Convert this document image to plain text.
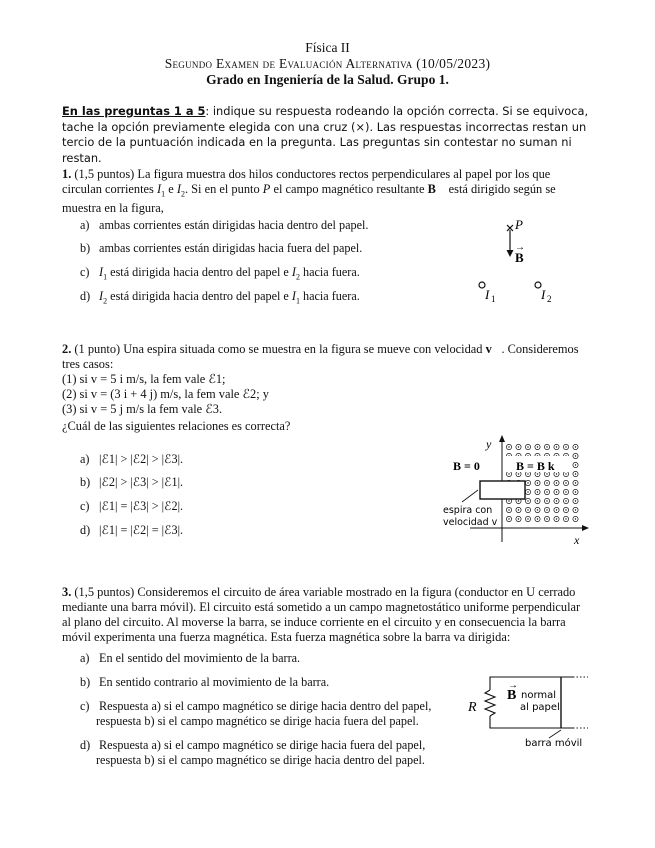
Física II
Segundo Examen de Evaluación Alternativa (10/05/2023)
Grado en Ingeniería de la Salud. Grupo 1.
En las preguntas 1 a 5: indique su respuesta rodeando la opción correcta. Si se equivoca, tache la opción previamente elegida con una cruz (×). Las respuestas incorrectas restan un tercio de la puntuación indicada en la pregunta. Las preguntas sin contestar no suman ni restan.
1. (1,5 puntos) La figura muestra dos hilos conductores rectos perpendiculares al papel por los que
circulan corrientes $I_1$ e $I_2$. Si en el punto P el campo magnético resultante B⃗ está dirigido según se
muestra en la figura,
a) ambas corrientes están dirigidas hacia dentro del papel.
b) ambas corrientes están dirigidas hacia fuera del papel.
c) $I_1$ está dirigida hacia dentro del papel e $I_2$ hacia fuera.
d) $I_2$ está dirigida hacia dentro del papel e $I_1$ hacia fuera.
P
B
→
I 1	I 2
2. (1 punto) Una espira situada como se muestra en la figura se mueve con velocidad v⃗. Consideremos
tres casos:
(1) si v = 5 i m/s, la fem vale ℰ1;
(2) si v = (3 i + 4 j) m/s, la fem vale ℰ2; y
(3) si v = 5 j m/s la fem vale ℰ3.
¿Cuál de las siguientes relaciones es correcta?
a) |ℰ1| > |ℰ2| > |ℰ3|.
b) |ℰ2| > |ℰ3| > |ℰ1|.
c) |ℰ1| = |ℰ3| > |ℰ2|.
d) |ℰ1| = |ℰ2| = |ℰ3|.
y
x
B = 0	B = B k
espira con
velocidad v
3. (1,5 puntos) Consideremos el circuito de área variable mostrado en la figura (conductor en U cerrado
mediante una barra móvil). El circuito está sometido a un campo magnetostático uniforme perpendicular
al plano del circuito. Al moverse la barra, se induce corriente en el circuito y en consecuencia la barra
móvil experimenta una fuerza magnética. Esta fuerza magnética sobre la barra va dirigida:
a) En el sentido del movimiento de la barra.
b) En sentido contrario al movimiento de la barra.
c) Respuesta a) si el campo magnético se dirige hacia dentro del papel,
respuesta b) si el campo magnético se dirige hacia fuera del papel.
d) Respuesta a) si el campo magnético se dirige hacia fuera del papel,
respuesta b) si el campo magnético se dirige hacia dentro del papel.
R
B
→
normal
al papel
barra móvil
